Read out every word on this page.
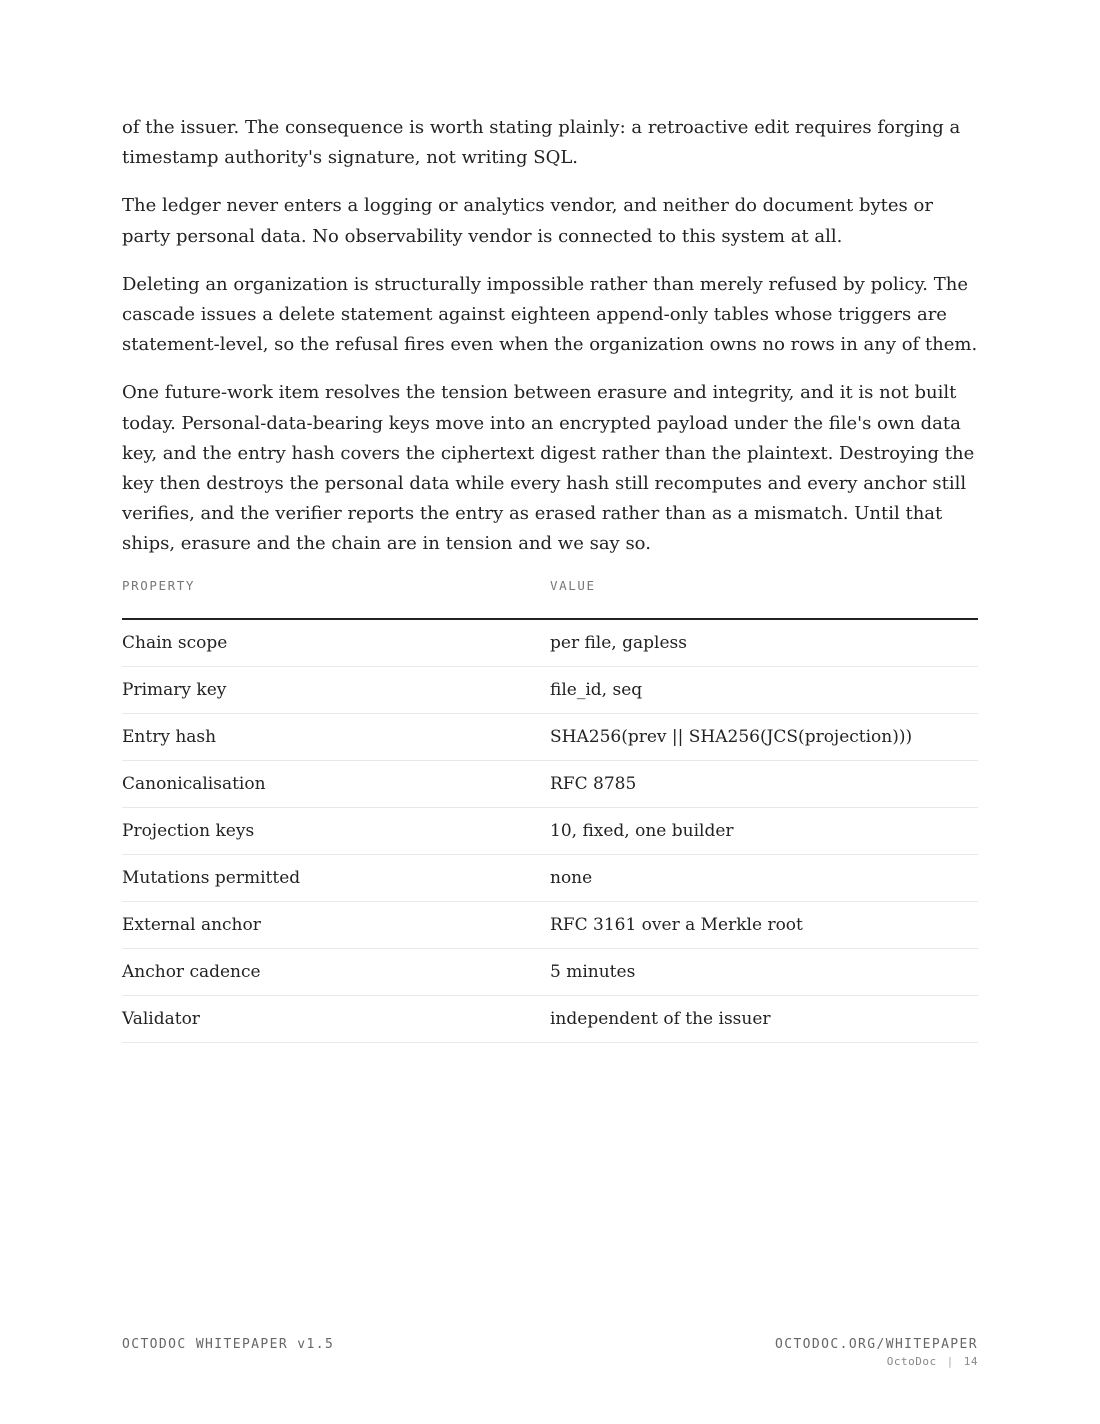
of the issuer. The consequence is worth stating plainly: a retroactive edit requires forging a timestamp authority's signature, not writing SQL.

The ledger never enters a logging or analytics vendor, and neither do document bytes or party personal data. No observability vendor is connected to this system at all.

Deleting an organization is structurally impossible rather than merely refused by policy. The cascade issues a delete statement against eighteen append-only tables whose triggers are statement-level, so the refusal fires even when the organization owns no rows in any of them.

One future-work item resolves the tension between erasure and integrity, and it is not built today. Personal-data-bearing keys move into an encrypted payload under the file's own data key, and the entry hash covers the ciphertext digest rather than the plaintext. Destroying the key then destroys the personal data while every hash still recomputes and every anchor still verifies, and the verifier reports the entry as erased rather than as a mismatch. Until that ships, erasure and the chain are in tension and we say so.

PROPERTY	VALUE
Chain scope	per file, gapless
Primary key	file_id, seq
Entry hash	SHA256(prev || SHA256(JCS(projection)))
Canonicalisation	RFC 8785
Projection keys	10, fixed, one builder
Mutations permitted	none
External anchor	RFC 3161 over a Merkle root
Anchor cadence	5 minutes
Validator	independent of the issuer
OCTODOC WHITEPAPER v1.5	OCTODOC.ORG/WHITEPAPER
OctoDoc | 14
